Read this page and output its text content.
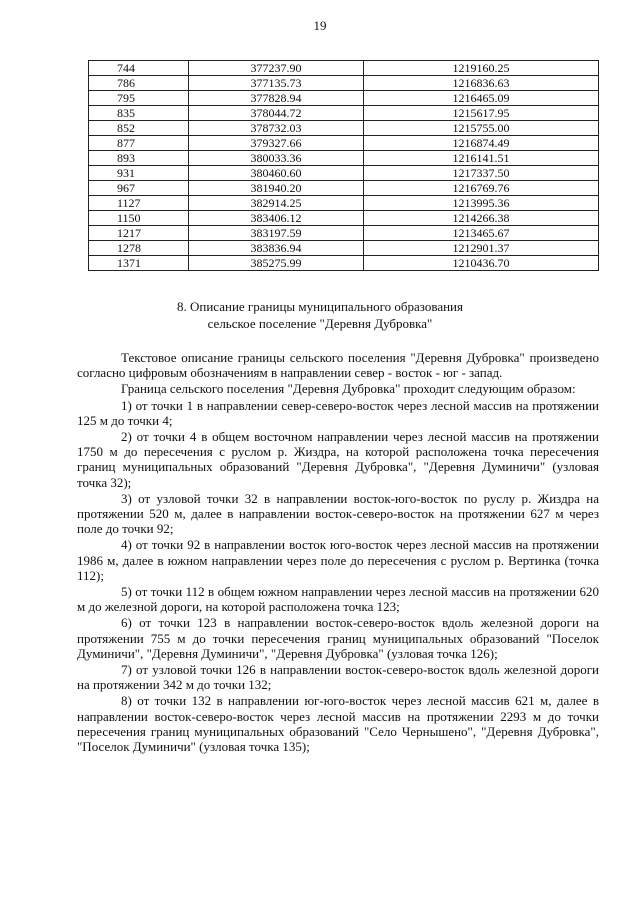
19
744	377237.90	1219160.25
786	377135.73	1216836.63
795	377828.94	1216465.09
835	378044.72	1215617.95
852	378732.03	1215755.00
877	379327.66	1216874.49
893	380033.36	1216141.51
931	380460.60	1217337.50
967	381940.20	1216769.76
1127	382914.25	1213995.36
1150	383406.12	1214266.38
1217	383197.59	1213465.67
1278	383836.94	1212901.37
1371	385275.99	1210436.70
8. Описание границы муниципального образования
сельское поселение "Деревня Дубровка"

Текстовое описание границы сельского поселения "Деревня Дубровка" произведено согласно цифровым обозначениям в направлении север - восток - юг - запад.

Граница сельского поселения "Деревня Дубровка" проходит следующим образом:

1) от точки 1 в направлении север-северо-восток через лесной массив на протяжении 125 м до точки 4;

2) от точки 4 в общем восточном направлении через лесной массив на протяжении 1750 м до пересечения с руслом р. Жиздра, на которой расположена точка пересечения границ муниципальных образований "Деревня Дубровка", "Деревня Думиничи" (узловая точка 32);

3) от узловой точки 32 в направлении восток-юго-восток по руслу р. Жиздра на протяжении 520 м, далее в направлении восток-северо-восток на протяжении 627 м через поле до точки 92;

4) от точки 92 в направлении восток юго-восток через лесной массив на протяжении 1986 м, далее в южном направлении через поле до пересечения с руслом р. Вертинка (точка 112);

5) от точки 112 в общем южном направлении через лесной массив на протяжении 620 м до железной дороги, на которой расположена точка 123;

6) от точки 123 в направлении восток-северо-восток вдоль железной дороги на протяжении 755 м до точки пересечения границ муниципальных образований "Поселок Думиничи", "Деревня Думиничи", "Деревня Дубровка" (узловая точка 126);

7) от узловой точки 126 в направлении восток-северо-восток вдоль железной дороги на протяжении 342 м до точки 132;

8) от точки 132 в направлении юг-юго-восток через лесной массив 621 м, далее в направлении восток-северо-восток через лесной массив на протяжении 2293 м до точки пересечения границ муниципальных образований "Село Чернышено", "Деревня Дубровка", "Поселок Думиничи" (узловая точка 135);
